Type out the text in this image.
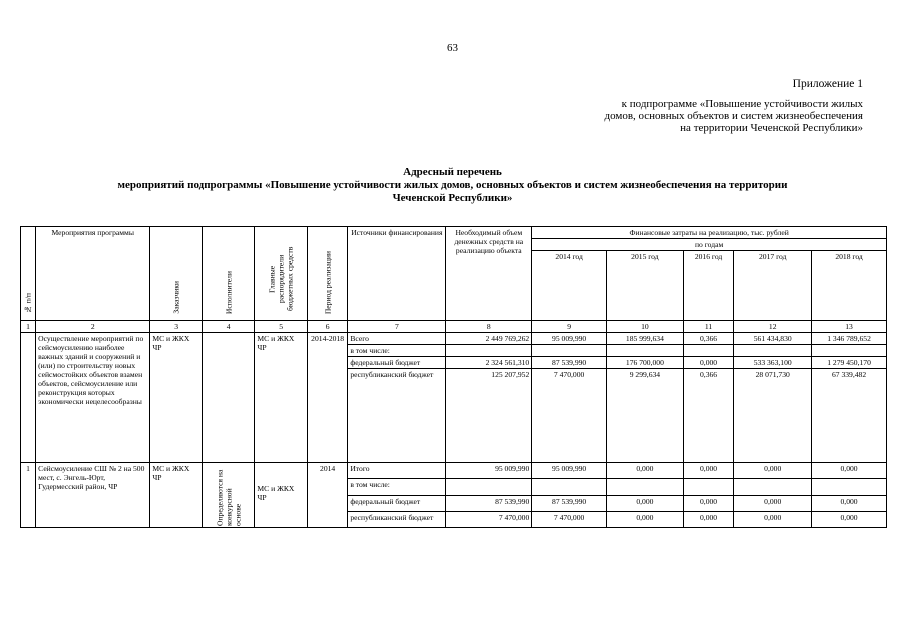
63
Приложение 1
к подпрограмме «Повышение устойчивости жилых
домов, основных объектов и систем жизнеобеспечения
на территории Чеченской Республики»
Адресный перечень
мероприятий подпрограммы «Повышение устойчивости жилых домов, основных объектов и систем жизнеобеспечения на территории
Чеченской Республики»
№ п/п	Мероприятия программы	Заказчики	Исполнители	Главные распорядители бюджетных средств	Период реализации	Источники финансирования	Необходимый объем денежных средств на реализацию объекта	Финансовые затраты на реализацию, тыс. рублей				
								по годам				
								2014 год	2015 год	2016 год	2017 год	2018 год
1	2	3	4	5	6	7	8	9	10	11	12	13
	Осуществление мероприятий по сейсмоусилению наиболее важных зданий и сооружений и (или) по строительству новых сейсмостойких объектов взамен объектов, сейсмоусиление или реконструкция которых экономически нецелесообразны	МС и ЖКХ ЧР		МС и ЖКХ ЧР	2014-2018	Всего	2 449 769,262	95 009,990	185 999,634	0,366	561 434,830	1 346 789,652
						в том числе:						
						федеральный бюджет	2 324 561,310	87 539,990	176 700,000	0,000	533 363,100	1 279 450,170
						республиканский бюджет	125 207,952	7 470,000	9 299,634	0,366	28 071,730	67 339,482
1	Сейсмоусиление СШ № 2 на 500 мест, с. Энгель-Юрт, Гудермесский район, ЧР	МС и ЖКХ ЧР	Определяются на конкурсной основе	МС и ЖКХ ЧР	2014	Итого	95 009,990	95 009,990	0,000	0,000	0,000	0,000
						в том числе:						
						федеральный бюджет	87 539,990	87 539,990	0,000	0,000	0,000	0,000
						республиканский бюджет	7 470,000	7 470,000	0,000	0,000	0,000	0,000
